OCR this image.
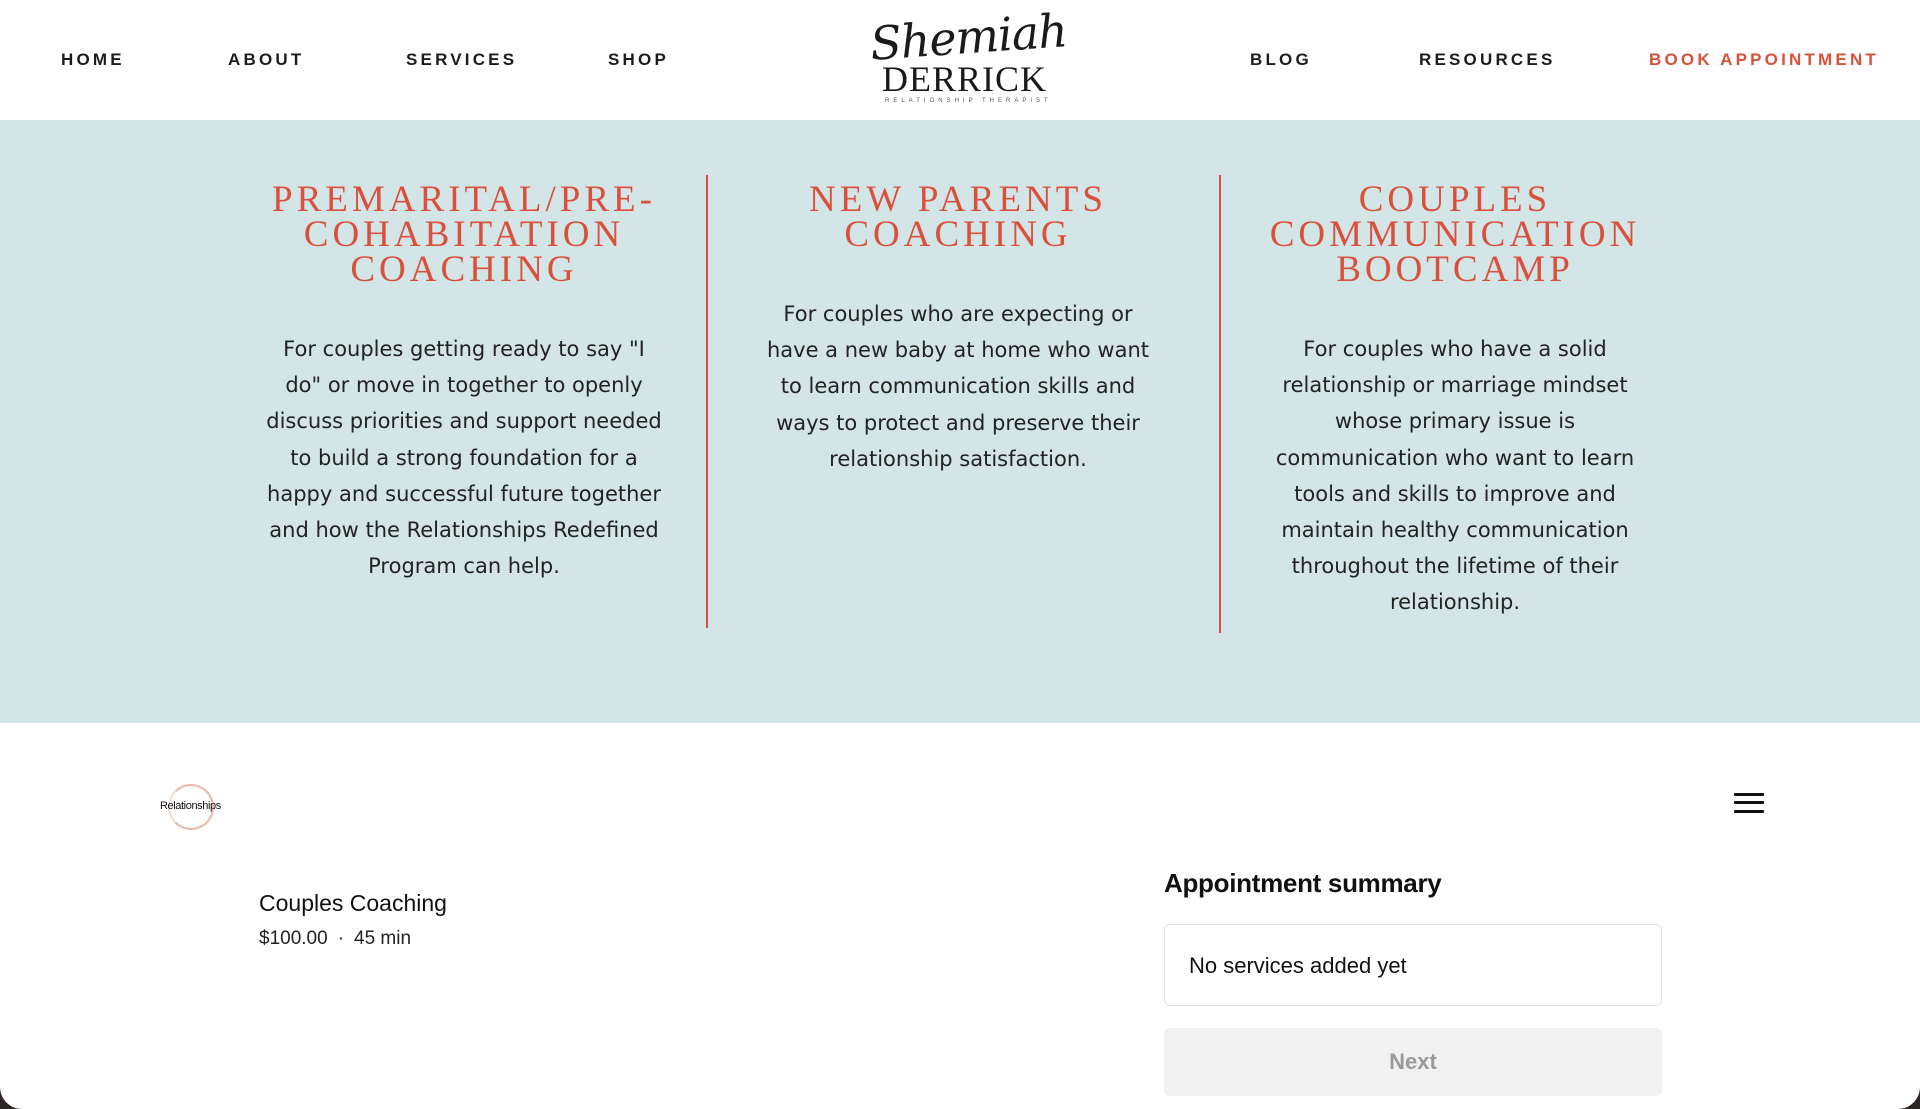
HOME	ABOUT	SERVICES	SHOP	Shemiah
DERRICK
RELATIONSHIP THERAPIST
BLOG	RESOURCES	BOOK APPOINTMENT
PREMARITAL/PRE-COHABITATION COACHING

For couples getting ready to say "I do" or move in together to openly discuss priorities and support needed to build a strong foundation for a happy and successful future together and how the Relationships Redefined Program can help.

NEW PARENTS COACHING

For couples who are expecting or have a new baby at home who want to learn communication skills and ways to protect and preserve their relationship satisfaction.

COUPLES COMMUNICATION BOOTCAMP

For couples who have a solid relationship or marriage mindset whose primary issue is communication who want to learn tools and skills to improve and maintain healthy communication throughout the lifetime of their relationship.

Relationships
Couples Coaching
$100.00 · 45 min
Appointment summary
No services added yet
Next
